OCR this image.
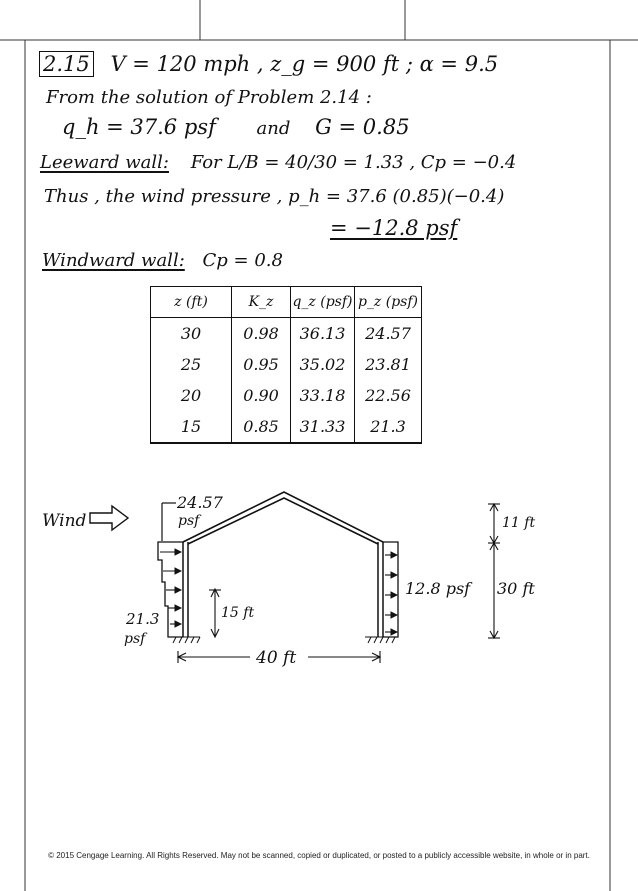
2.15 V = 120 mph , z_g = 900 ft ; α = 9.5
From the solution of Problem 2.14 :
q_h = 37.6 psf and G = 0.85
Leeward wall: For L/B = 40/30 = 1.33 , Cp = −0.4
Thus , the wind pressure , p_h = 37.6 (0.85)(−0.4)
= −12.8 psf
Windward wall: Cp = 0.8
z (ft)	K_z	q_z (psf)	p_z (psf)
30	0.98	36.13	24.57
25	0.95	35.02	23.81
20	0.90	33.18	22.56
15	0.85	31.33	21.3
Wind
24.57
psf
21.3
psf
15 ft
12.8 psf 30 ft
11 ft
40 ft
© 2015 Cengage Learning. All Rights Reserved. May not be scanned, copied or duplicated, or posted to a publicly accessible website, in whole or in part.
